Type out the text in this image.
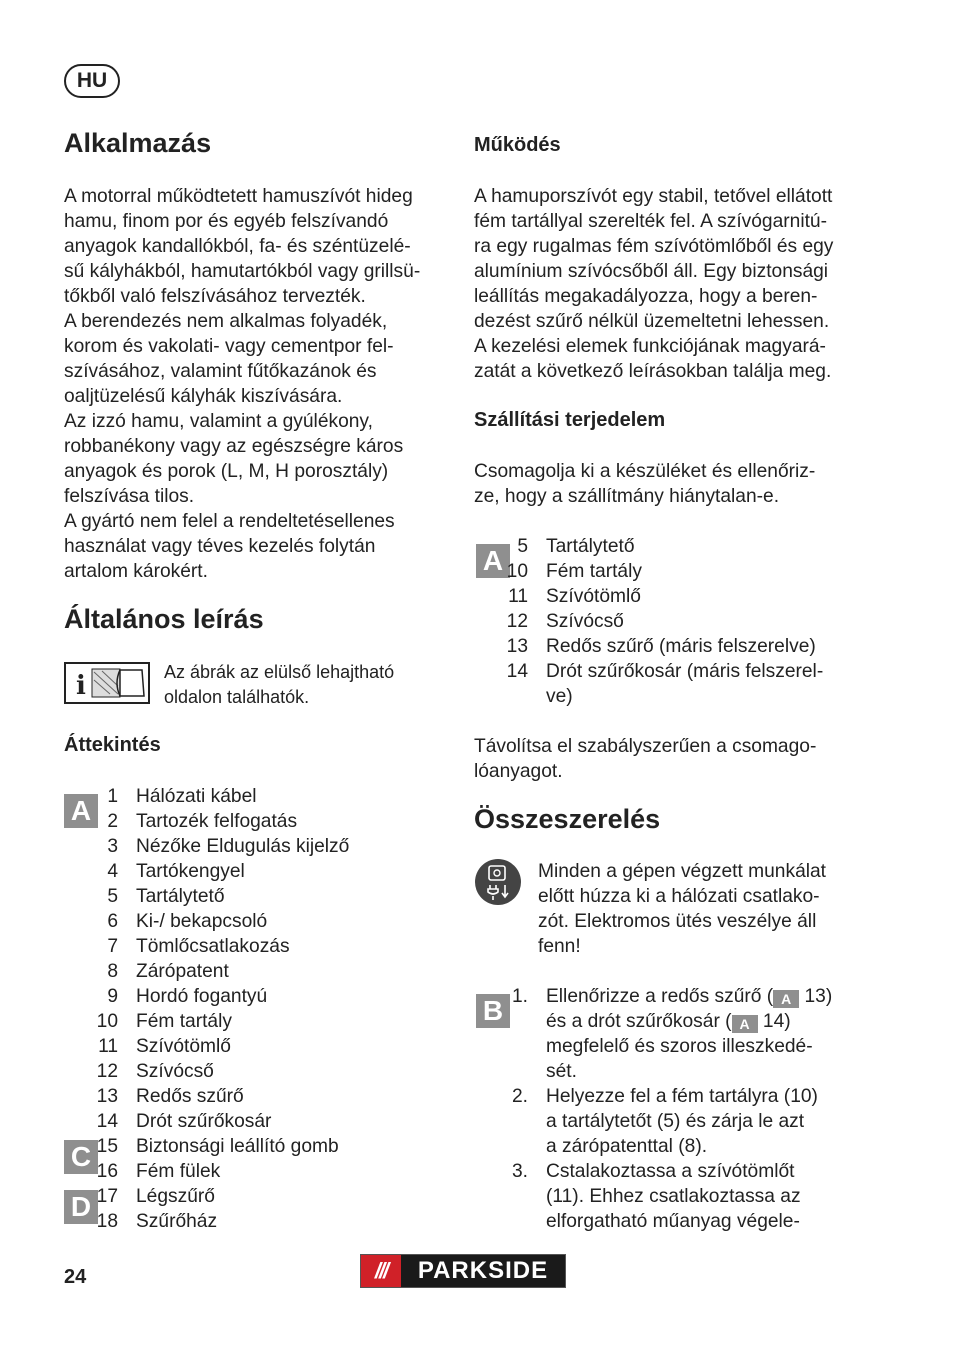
HU
Alkalmazás
A motorral működtetett hamuszívót hideg
hamu, finom por és egyéb felszívandó
anyagok kandallókból, fa- és széntüzelé-
sű kályhákból, hamutartókból vagy grillsü-
tőkből való felszívásához tervezték.
A berendezés nem alkalmas folyadék,
korom és vakolati- vagy cementpor fel-
szívásához, valamint fűtőkazánok és
oaljtüzelésű kályhák kiszívására.
Az izzó hamu, valamint a gyúlékony,
robbanékony vagy az egészségre káros
anyagok és porok (L, M, H porosztály)
felszívása tilos.
A gyártó nem felel a rendeltetésellenes
használat vagy téves kezelés folytán
artalom károkért.
Általános leírás
i	Az ábrák az elülső lehajtható
oldalon találhatók.
Áttekintés
A
C
D
1 Hálózati kábel
2 Tartozék felfogatás
3 Nézőke Eldugulás kijelző
4 Tartókengyel
5 Tartálytető
6 Ki-/ bekapcsoló
7 Tömlőcsatlakozás
8 Zárópatent
9 Hordó fogantyú
10 Fém tartály
11 Szívótömlő
12 Szívócső
13 Redős szűrő
14 Drót szűrőkosár
15 Biztonsági leállító gomb
16 Fém fülek
17 Légszűrő
18 Szűrőház
Működés
A hamuporszívót egy stabil, tetővel ellátott
fém tartállyal szerelték fel. A szívógarnitú-
ra egy rugalmas fém szívótömlőből és egy
alumínium szívócsőből áll. Egy biztonsági
leállítás megakadályozza, hogy a beren-
dezést szűrő nélkül üzemeltetni lehessen.
A kezelési elemek funkciójának magyará-
zatát a következő leírásokban találja meg.
Szállítási terjedelem
Csomagolja ki a készüléket és ellenőriz-
ze, hogy a szállítmány hiánytalan-e.
A 5 Tartálytető
10 Fém tartály
11 Szívótömlő
12 Szívócső
13 Redős szűrő (máris felszerelve)
14 Drót szűrőkosár (máris felszerel-
ve)
Távolítsa el szabályszerűen a csomago-
lóanyagot.
Összeszerelés
Minden a gépen végzett munkálat
előtt húzza ki a hálózati csatlako-
zót. Elektromos ütés veszélye áll
fenn!
B 1. Ellenőrizze a redős szűrő ( A 13)
és a drót szűrőkosár ( A 14)
megfelelő és szoros illeszkedé-
sét.
2. Helyezze fel a fém tartályra (10)
a tartálytetőt (5) és zárja le azt
a zárópatenttal (8).
3. Cstalakoztassa a szívótömlőt
(11). Ehhez csatlakoztassa az
elforgatható műanyag végele-
24	///	PARKSIDE
